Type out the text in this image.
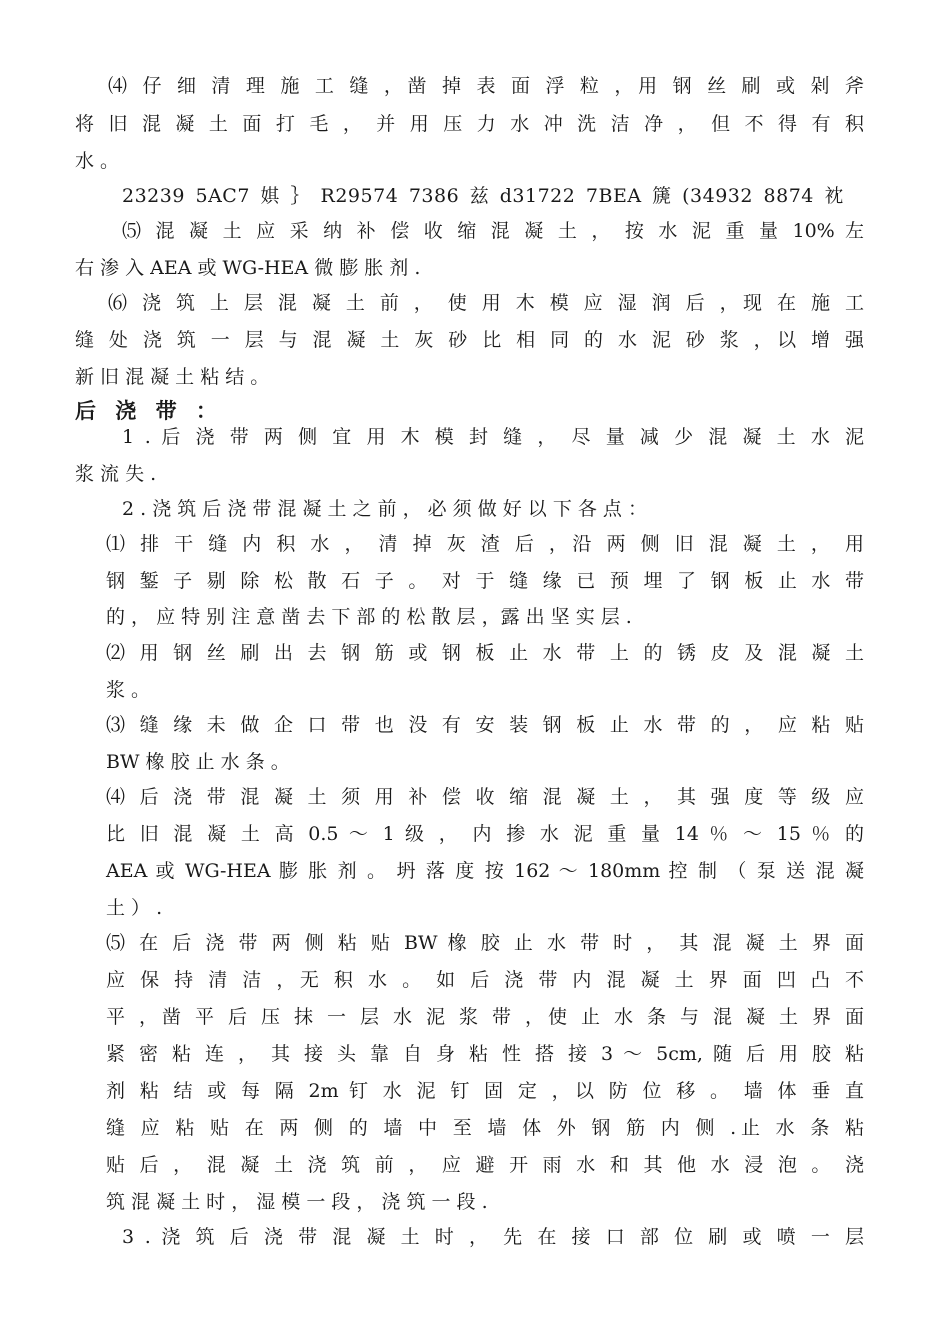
⑷ 仔 细 清 理 施 工 缝 ，凿 掉 表 面 浮 粒 ，用 钢 丝 刷 或 剁 斧

将 旧 混 凝 土 面 打 毛 ， 并 用 压 力 水 冲 洗 洁 净 ， 但 不 得 有 积

水 。

23239 5AC7 娸 ｝ R29574 7386 兹 d31722 7BEA 篪 (34932 8874 衴

⑸ 混 凝 土 应 采 纳 补 偿 收 缩 混 凝 土 ， 按 水 泥 重 量 10% 左

右 渗 入 AEA 或 WG-HEA 微 膨 胀 剂 .

⑹ 浇 筑 上 层 混 凝 土 前 ， 使 用 木 模 应 湿 润 后 ，现 在 施 工

缝 处 浇 筑 一 层 与 混 凝 土 灰 砂 比 相 同 的 水 泥 砂 浆 ，以 增 强

新 旧 混 凝 土 粘 结 。

后 浇 带 ：

1 . 后 浇 带 两 侧 宜 用 木 模 封 缝 ， 尽 量 减 少 混 凝 土 水 泥

浆 流 失 .

2 . 浇 筑 后 浇 带 混 凝 土 之 前 ， 必 须 做 好 以 下 各 点 ：

⑴ 排 干 缝 内 积 水 ， 清 掉 灰 渣 后 ，沿 两 侧 旧 混 凝 土 ， 用

钢 錾 子 剔 除 松 散 石 子 。 对 于 缝 缘 已 预 埋 了 钢 板 止 水 带

的 ， 应 特 别 注 意 凿 去 下 部 的 松 散 层 ，露 出 坚 实 层 .

⑵ 用 钢 丝 刷 出 去 钢 筋 或 钢 板 止 水 带 上 的 锈 皮 及 混 凝 土

浆 。

⑶ 缝 缘 未 做 企 口 带 也 没 有 安 装 钢 板 止 水 带 的 ， 应 粘 贴

BW 橡 胶 止 水 条 。

⑷ 后 浇 带 混 凝 土 须 用 补 偿 收 缩 混 凝 土 ， 其 强 度 等 级 应

比 旧 混 凝 土 高 0.5 ～ 1 级 ， 内 掺 水 泥 重 量 14 ％ ～ 15 ％ 的

AEA 或 WG-HEA 膨 胀 剂 。 坍 落 度 按 162 ～ 180mm 控 制 （ 泵 送 混 凝

土 ） .

⑸ 在 后 浇 带 两 侧 粘 贴 BW 橡 胶 止 水 带 时 ， 其 混 凝 土 界 面

应 保 持 清 洁 ，无 积 水 。 如 后 浇 带 内 混 凝 土 界 面 凹 凸 不

平 ，凿 平 后 压 抹 一 层 水 泥 浆 带 ，使 止 水 条 与 混 凝 土 界 面

紧 密 粘 连 ， 其 接 头 靠 自 身 粘 性 搭 接 3 ～ 5cm, 随 后 用 胶 粘

剂 粘 结 或 每 隔 2m 钉 水 泥 钉 固 定 ，以 防 位 移 。 墙 体 垂 直

缝 应 粘 贴 在 两 侧 的 墙 中 至 墙 体 外 钢 筋 内 侧 .止 水 条 粘

贴 后 ， 混 凝 土 浇 筑 前 ， 应 避 开 雨 水 和 其 他 水 浸 泡 。 浇

筑 混 凝 土 时 ， 湿 模 一 段 ， 浇 筑 一 段 .

3 . 浇 筑 后 浇 带 混 凝 土 时 ， 先 在 接 口 部 位 刷 或 喷 一 层
